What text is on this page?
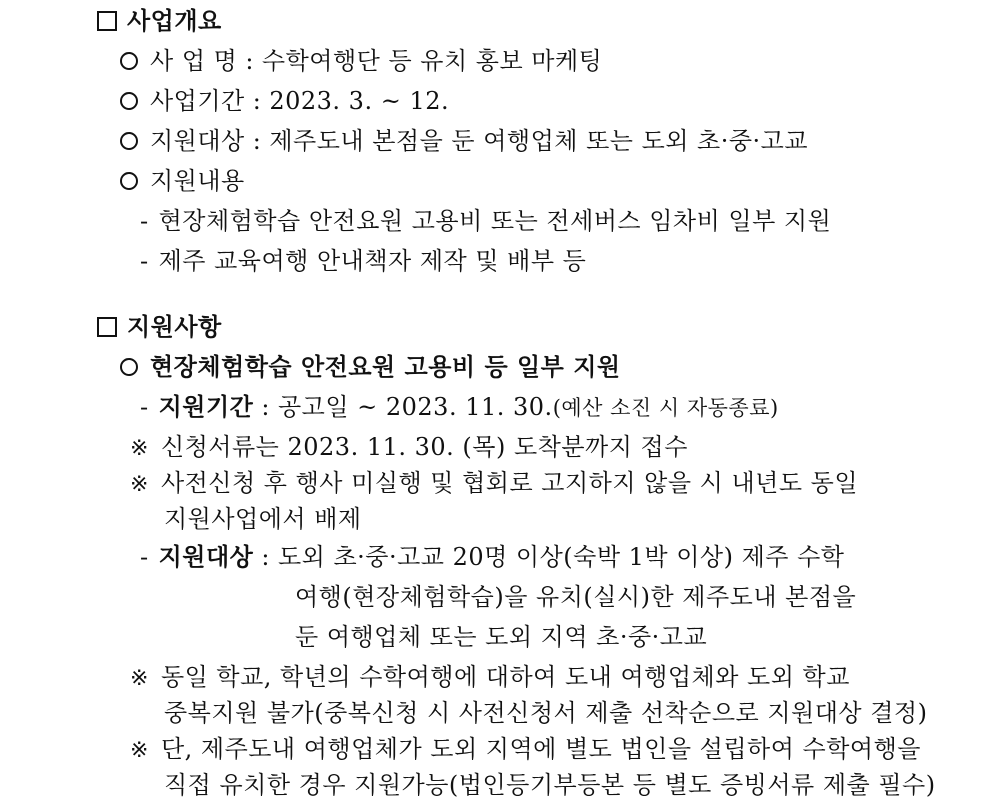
사업개요
사 업 명 : 수학여행단 등 유치 홍보 마케팅
사업기간 : 2023. 3. ~ 12.
지원대상 : 제주도내 본점을 둔 여행업체 또는 도외 초·중·고교
지원내용
- 현장체험학습 안전요원 고용비 또는 전세버스 임차비 일부 지원
- 제주 교육여행 안내책자 제작 및 배부 등
지원사항
현장체험학습 안전요원 고용비 등 일부 지원
- 지원기간 : 공고일 ~ 2023. 11. 30.(예산 소진 시 자동종료)
※ 신청서류는 2023. 11. 30. (목) 도착분까지 접수
※ 사전신청 후 행사 미실행 및 협회로 고지하지 않을 시 내년도 동일
지원사업에서 배제
- 지원대상 : 도외 초·중·고교 20명 이상(숙박 1박 이상) 제주 수학
여행(현장체험학습)을 유치(실시)한 제주도내 본점을
둔 여행업체 또는 도외 지역 초·중·고교
※ 동일 학교, 학년의 수학여행에 대하여 도내 여행업체와 도외 학교
중복지원 불가(중복신청 시 사전신청서 제출 선착순으로 지원대상 결정)
※ 단, 제주도내 여행업체가 도외 지역에 별도 법인을 설립하여 수학여행을
직접 유치한 경우 지원가능(법인등기부등본 등 별도 증빙서류 제출 필수)
